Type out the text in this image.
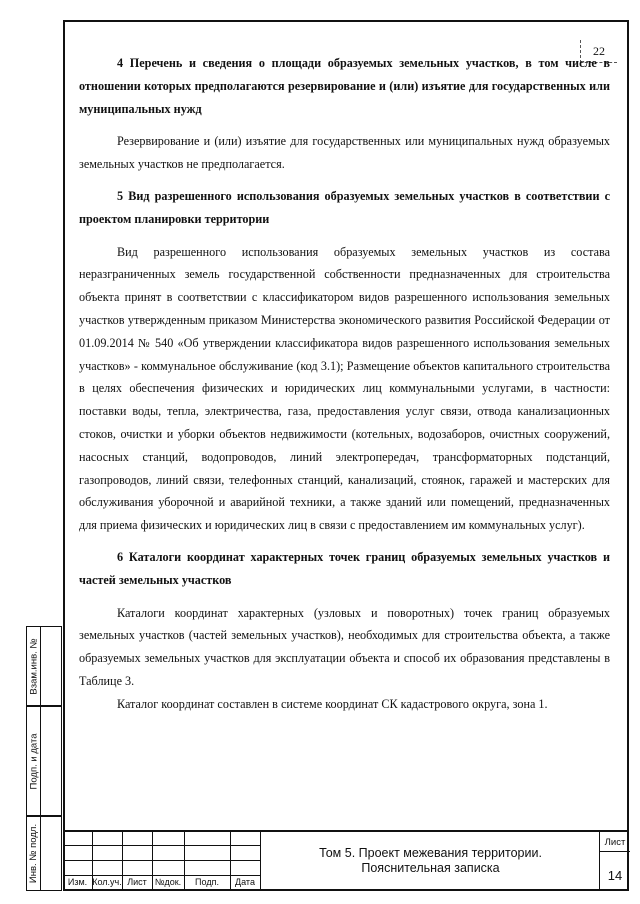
22

4 Перечень и сведения о площади образуемых земельных участков, в том числе в отношении которых предполагаются резервирование и (или) изъятие для государственных или муниципальных нужд

Резервирование и (или) изъятие для государственных или муниципальных нужд образуемых земельных участков не предполагается.

5 Вид разрешенного использования образуемых земельных участков в соответствии с проектом планировки территории

Вид разрешенного использования образуемых земельных участков из состава неразграниченных земель государственной собственности предназначенных для строительства объекта принят в соответствии с классификатором видов разрешенного использования земельных участков утвержденным приказом Министерства экономического развития Российской Федерации от 01.09.2014 № 540 «Об утверждении классификатора видов разрешенного использования земельных участков» - коммунальное обслуживание (код 3.1); Размещение объектов капитального строительства в целях обеспечения физических и юридических лиц коммунальными услугами, в частности: поставки воды, тепла, электричества, газа, предоставления услуг связи, отвода канализационных стоков, очистки и уборки объектов недвижимости (котельных, водозаборов, очистных сооружений, насосных станций, водопроводов, линий электропередач, трансформаторных подстанций, газопроводов, линий связи, телефонных станций, канализаций, стоянок, гаражей и мастерских для обслуживания уборочной и аварийной техники, а также зданий или помещений, предназначенных для приема физических и юридических лиц в связи с предоставлением им коммунальных услуг).

6 Каталоги координат характерных точек границ образуемых земельных участков и частей земельных участков

Каталоги координат характерных (узловых и поворотных) точек границ образуемых земельных участков (частей земельных участков), необходимых для строительства объекта, а также образуемых земельных участков для эксплуатации объекта и способ их образования представлены в Таблице 3.

Каталог координат составлен в системе координат СК кадастрового округа, зона 1.

Взам.инв. №
Подп. и дата
Инв. № подл.	Изм. Кол.уч. Лист №док.	Подп.	Дата
Том 5. Проект межевания территории.
Пояснительная записка
Лист
14
